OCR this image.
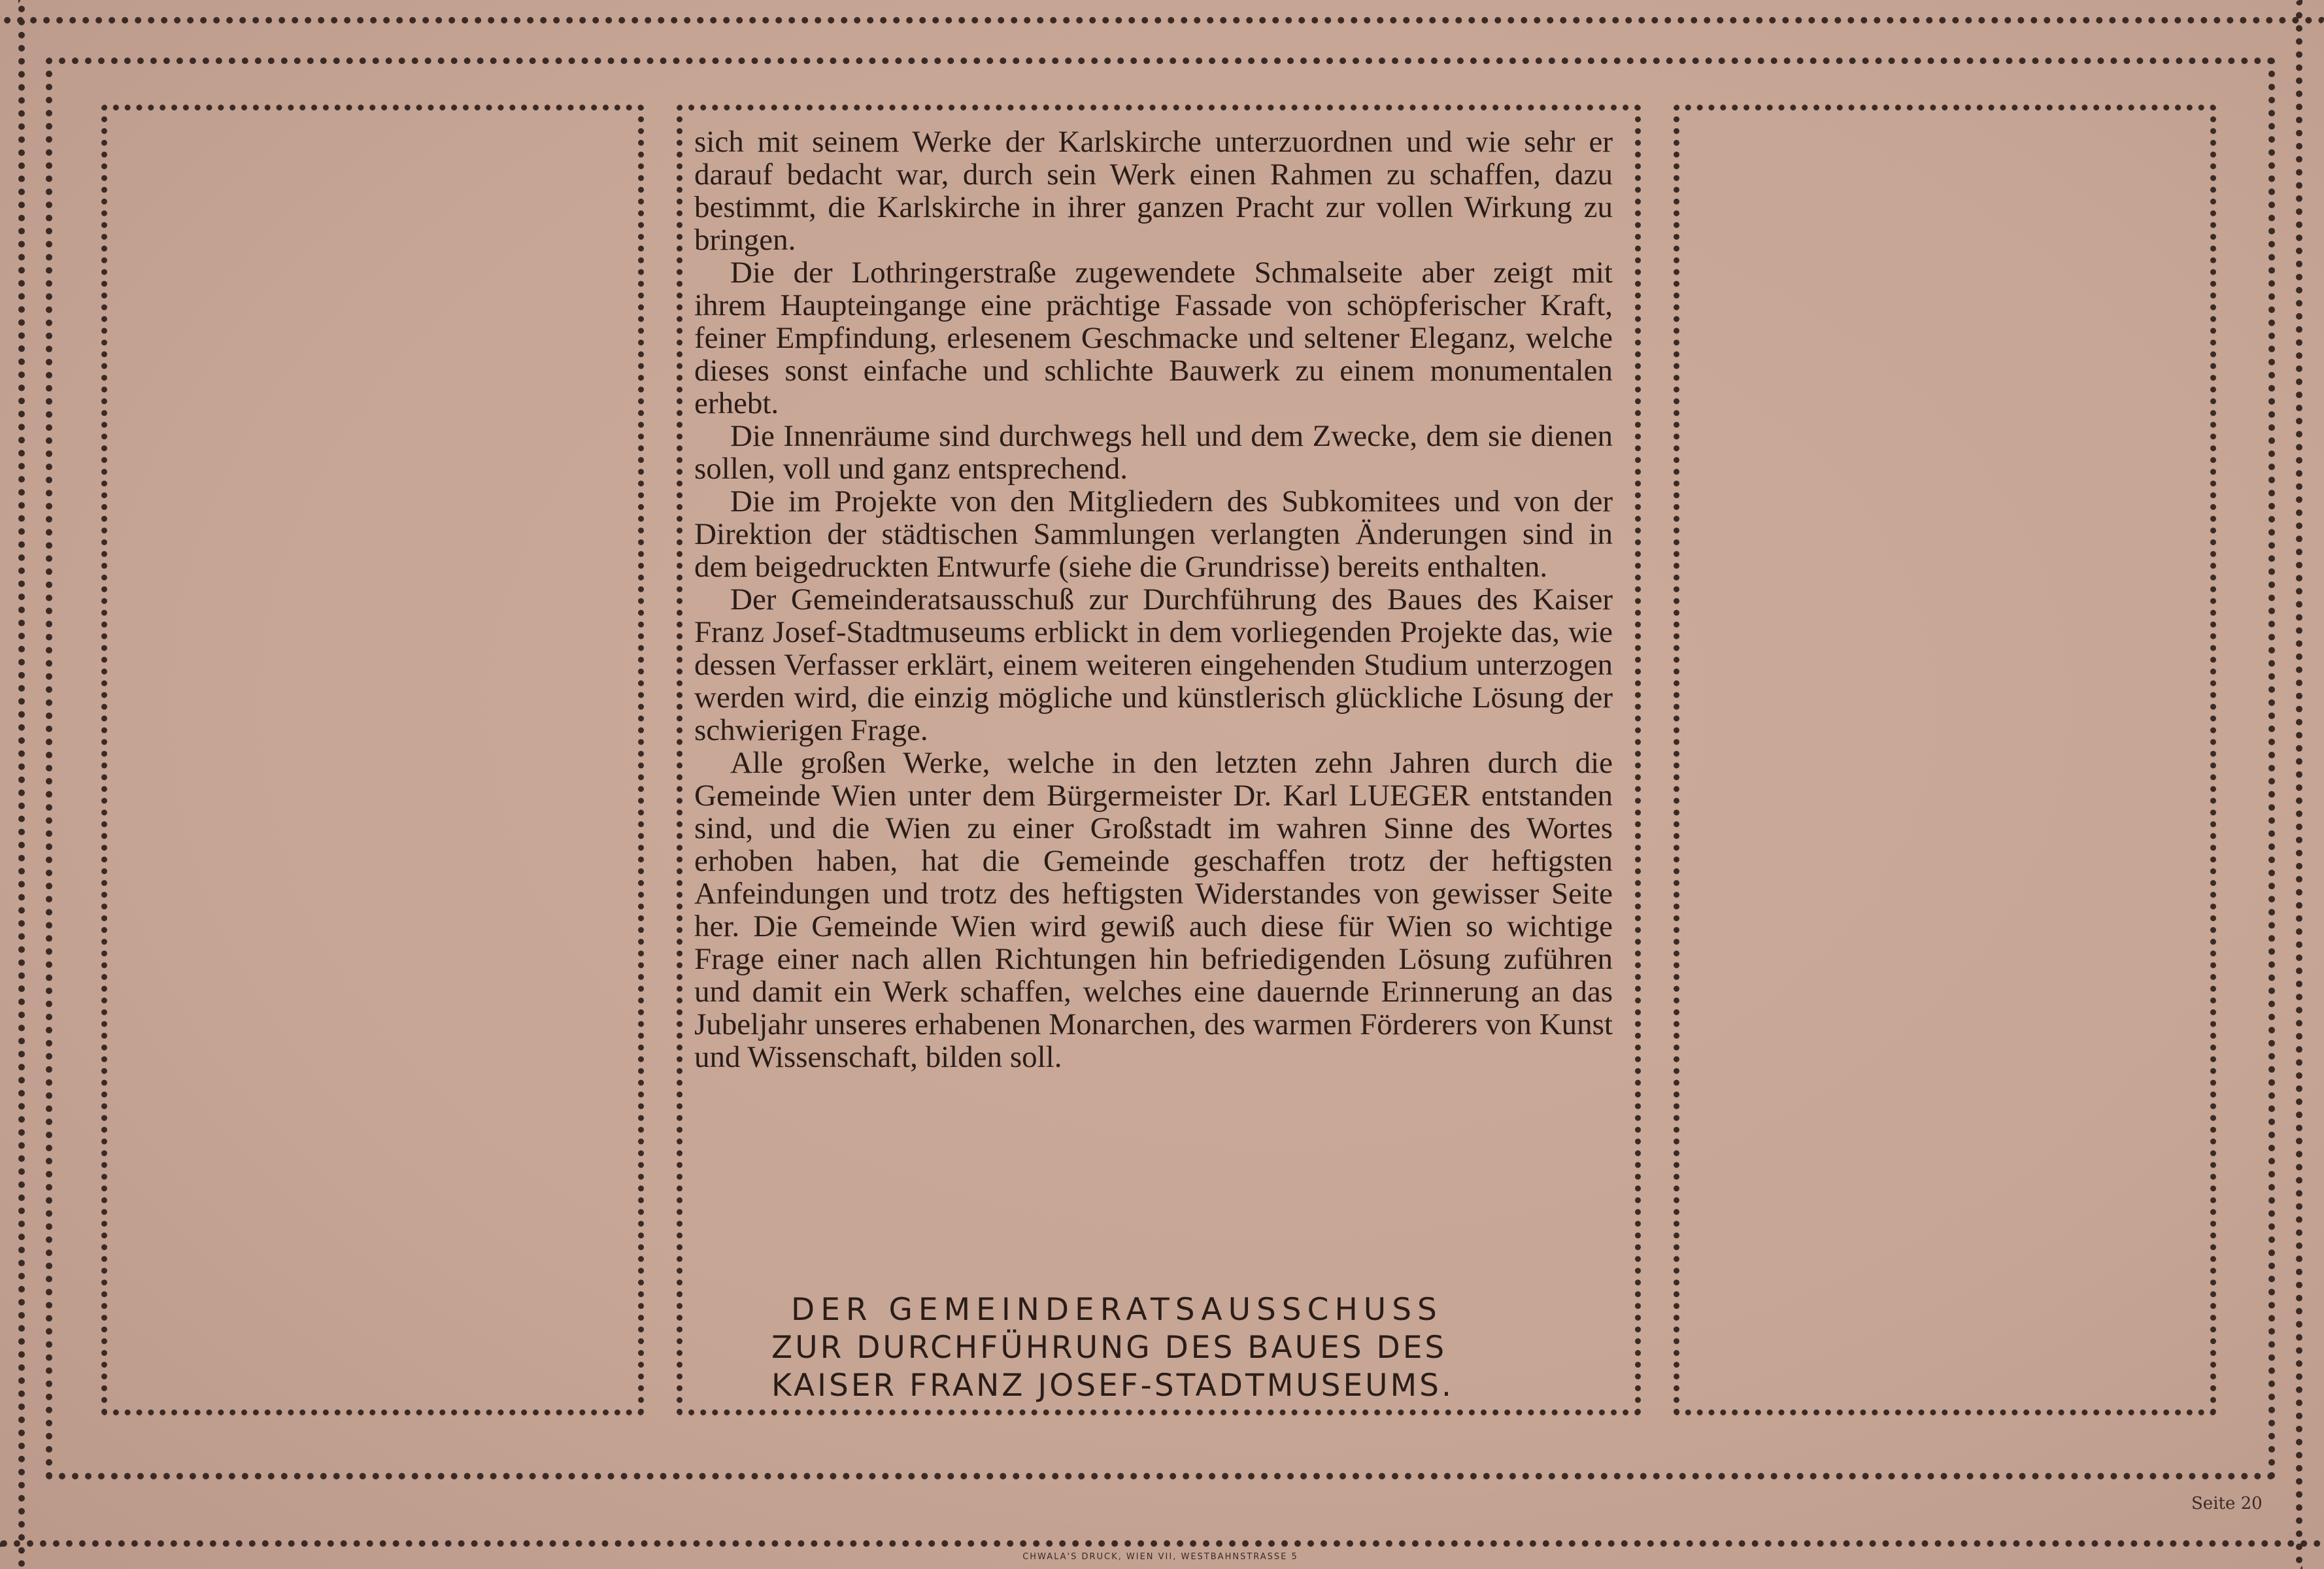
sich mit seinem Werke der Karlskirche unterzuordnen und wie sehr er darauf bedacht war, durch sein Werk einen Rahmen zu schaffen, dazu bestimmt, die Karlskirche in ihrer ganzen Pracht zur vollen Wirkung zu bringen.

Die der Lothringerstraße zugewendete Schmalseite aber zeigt mit ihrem Haupteingange eine prächtige Fassade von schöpferischer Kraft, feiner Empfindung, erlesenem Geschmacke und seltener Eleganz, welche dieses sonst einfache und schlichte Bauwerk zu einem monumentalen erhebt.

Die Innenräume sind durchwegs hell und dem Zwecke, dem sie dienen sollen, voll und ganz entsprechend.

Die im Projekte von den Mitgliedern des Subkomitees und von der Direktion der städtischen Sammlungen verlangten Änderungen sind in dem beigedruckten Entwurfe (siehe die Grundrisse) bereits enthalten.

Der Gemeinderatsausschuß zur Durchführung des Baues des Kaiser Franz Josef-Stadtmuseums erblickt in dem vorliegenden Projekte das, wie dessen Verfasser erklärt, einem weiteren eingehenden Studium unterzogen werden wird, die einzig mögliche und künstlerisch glückliche Lösung der schwierigen Frage.

Alle großen Werke, welche in den letzten zehn Jahren durch die Gemeinde Wien unter dem Bürgermeister Dr. Karl LUEGER entstanden sind, und die Wien zu einer Großstadt im wahren Sinne des Wortes erhoben haben, hat die Gemeinde geschaffen trotz der heftigsten Anfeindungen und trotz des heftigsten Widerstandes von gewisser Seite her. Die Gemeinde Wien wird gewiß auch diese für Wien so wichtige Frage einer nach allen Richtungen hin befriedigenden Lösung zuführen und damit ein Werk schaffen, welches eine dauernde Erinnerung an das Jubeljahr unseres erhabenen Monarchen, des warmen Förderers von Kunst und Wissenschaft, bilden soll.

DER GEMEINDERATSAUSSCHUSS
ZUR DURCHFÜHRUNG DES BAUES DES
KAISER FRANZ JOSEF-STADTMUSEUMS.
Seite 20
CHWALA'S DRUCK, WIEN VII, WESTBAHNSTRASSE 5
